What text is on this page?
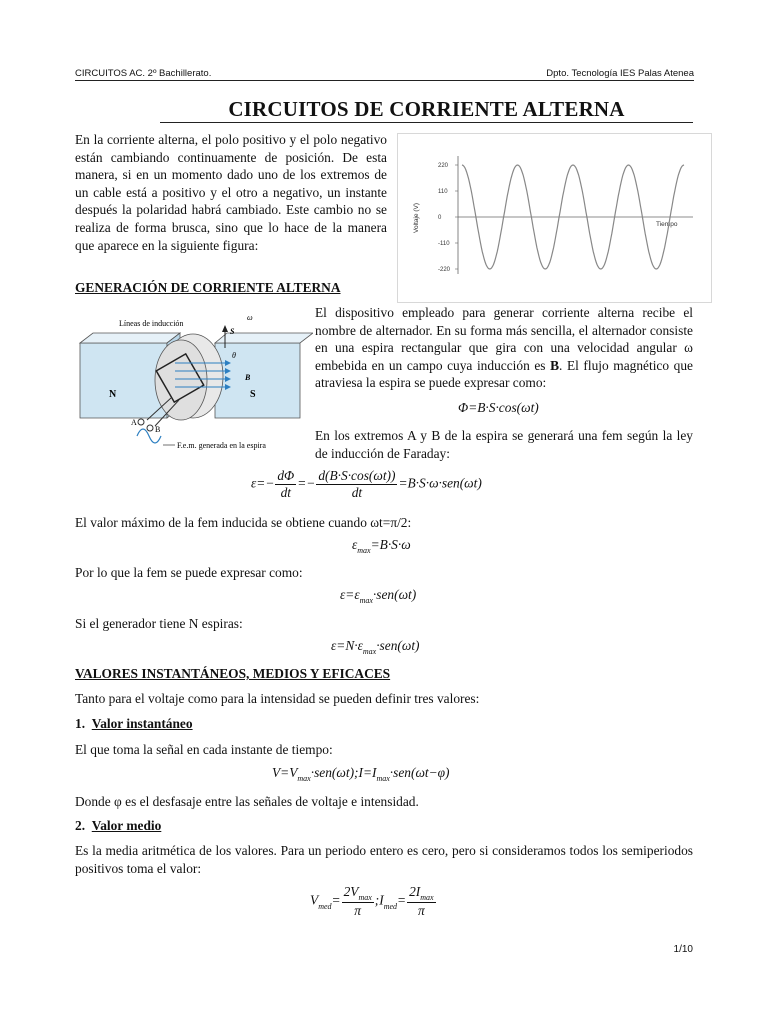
CIRCUITOS AC. 2º Bachillerato.	Dpto. Tecnología IES Palas Atenea
CIRCUITOS DE CORRIENTE ALTERNA

En la corriente alterna, el polo positivo y el polo negativo están cambiando continuamente de posición. De esta manera, si en un momento dado uno de los extremos de un cable está a positivo y el otro a negativo, un instante después la polaridad habrá cambiado. Este cambio no se realiza de forma brusca, sino que lo hace de la manera que aparece en la siguiente figura:

220
110
0
-110
-220
Voltaje (V)	Tiempo
GENERACIÓN DE CORRIENTE ALTERNA
Líneas de inducción
N	S
S
ω
θ
B
A
B
F.e.m. generada en la espira

El dispositivo empleado para generar corriente alterna recibe el nombre de alternador. En su forma más sencilla, el alternador consiste en una espira rectangular que gira con una velocidad angular ω embebida en un campo cuya inducción es B. El flujo magnético que atraviesa la espira se puede expresar como:

Φ=B·S·cos(ωt)

En los extremos A y B de la espira se generará una fem según la ley de inducción de Faraday:

$\varepsilon=- \frac{d\Phi}{dt} =- \frac{d(B\cdot S\cdot\cos(\omega t))}{dt} =B\cdot S\cdot\omega\cdot sen(\omega t)$

El valor máximo de la fem inducida se obtiene cuando ωt=π/2:

$\varepsilon_{max}=B\cdot S\cdot\omega$

Por lo que la fem se puede expresar como:

$\varepsilon=\varepsilon_{max}\cdot sen(\omega t)$

Si el generador tiene N espiras:

$\varepsilon=N\cdot\varepsilon_{max}\cdot sen(\omega t)$
VALORES INSTANTÁNEOS, MEDIOS Y EFICACES

Tanto para el voltaje como para la intensidad se pueden definir tres valores:

1. Valor instantáneo

El que toma la señal en cada instante de tiempo:

$V=V_{max}\cdot sen(\omega t);I=I_{max}\cdot sen(\omega t-\varphi)$

Donde φ es el desfasaje entre las señales de voltaje e intensidad.

2. Valor medio

Es la media aritmética de los valores. Para un periodo entero es cero, pero si consideramos todos los semiperiodos positivos toma el valor:

$V_{med}= \frac{2V_{max}}{\pi}$ $;I_{med}= \frac{2I_{max}}{\pi}$
1/10
